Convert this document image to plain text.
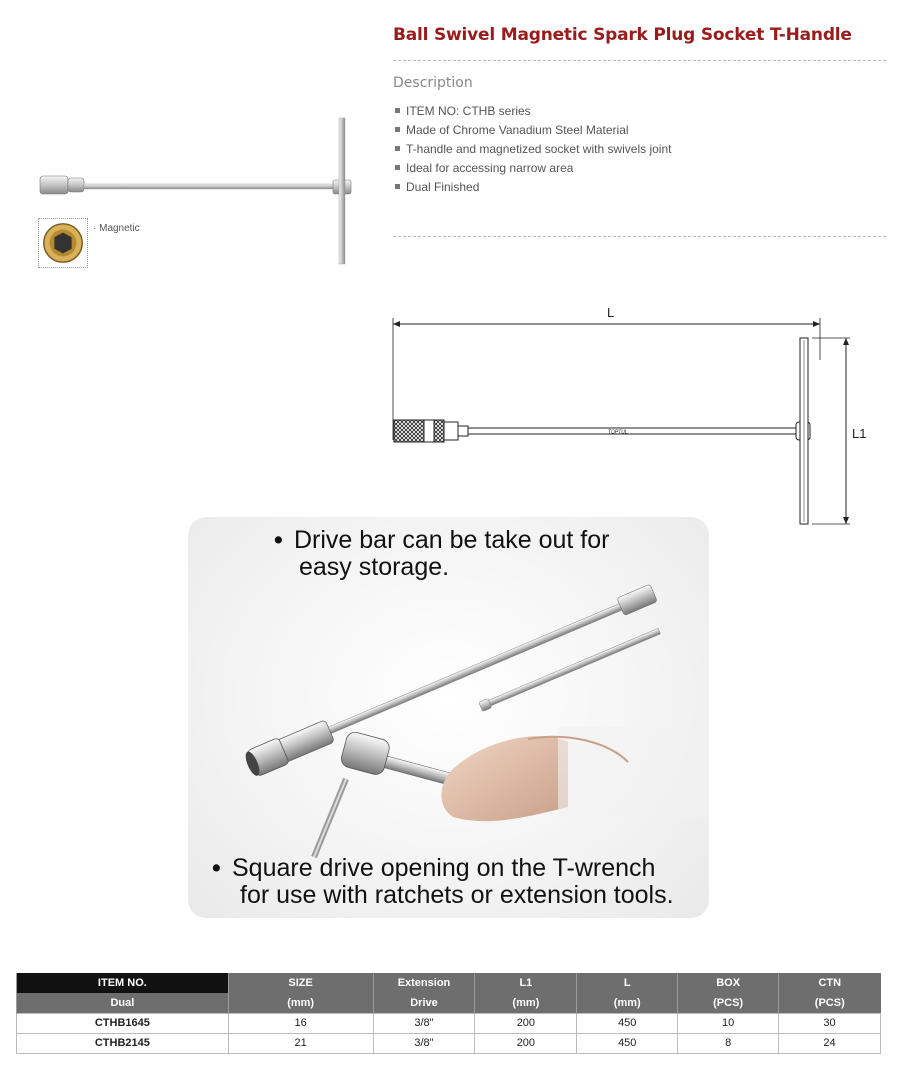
· Magnetic
Ball Swivel Magnetic Spark Plug Socket T-Handle
Description
ITEM NO: CTHB series
Made of Chrome Vanadium Steel Material
T-handle and magnetized socket with swivels joint
Ideal for accessing narrow area
Dual Finished
L
TOPTUL	L1
• Drive bar can be take out for
easy storage.
• Square drive opening on the T-wrench
for use with ratchets or extension tools.
ITEM NO.	SIZE	Extension	L1	L	BOX	CTN
Dual	(mm)	Drive	(mm)	(mm)	(PCS)	(PCS)
CTHB1645	16	3/8"	200	450	10	30
CTHB2145	21	3/8"	200	450	8	24
